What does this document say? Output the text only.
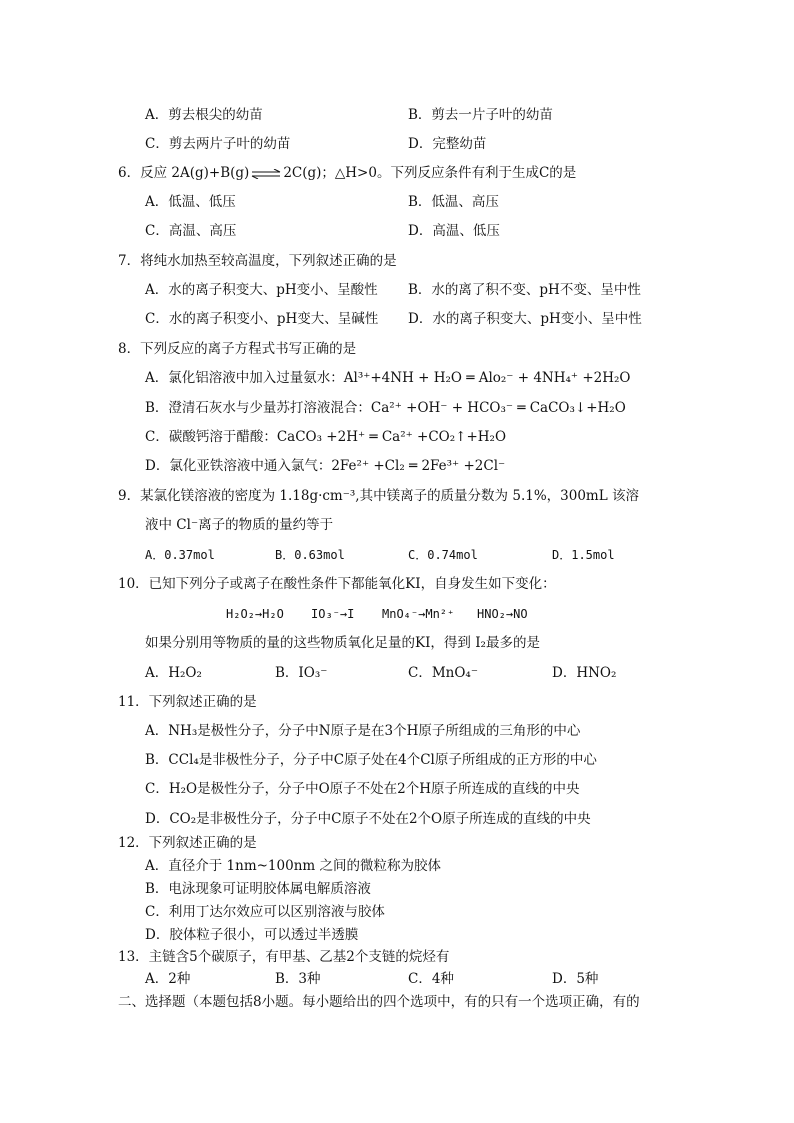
A．剪去根尖的幼苗	B．剪去一片子叶的幼苗
C．剪去两片子叶的幼苗	D．完整幼苗
6．反应 2A(g)+B(g) ⇌ 2C(g)；△H>0。下列反应条件有利于生成C的是
A．低温、低压	B．低温、高压
C．高温、高压	D．高温、低压
7．将纯水加热至较高温度，下列叙述正确的是
A．水的离子积变大、pH变小、呈酸性 B．水的离了积不变、pH不变、呈中性
C．水的离子积变小、pH变大、呈碱性 D．水的离子积变大、pH变小、呈中性
8．下列反应的离子方程式书写正确的是
A．氯化铝溶液中加入过量氨水：Al³⁺+4NH + H₂O ═ Alo₂⁻ + 4NH₄⁺ +2H₂O
B．澄清石灰水与少量苏打溶液混合：Ca²⁺ +OH⁻ + HCO₃⁻ ═ CaCO₃↓+H₂O
C．碳酸钙溶于醋酸：CaCO₃ +2H⁺ ═ Ca²⁺ +CO₂↑+H₂O
D．氯化亚铁溶液中通入氯气：2Fe²⁺ +Cl₂ ═ 2Fe³⁺ +2Cl⁻
9．某氯化镁溶液的密度为 1.18g·cm⁻³,其中镁离子的质量分数为 5.1%，300mL 该溶
液中 Cl⁻离子的物质的量约等于
A．0.37mol	B．0.63mol	C．0.74mol	D．1.5mol
10．已知下列分子或离子在酸性条件下都能氧化KI，自身发生如下变化：
H₂O₂→H₂O IO₃⁻→I MnO₄⁻→Mn²⁺ HNO₂→NO
如果分别用等物质的量的这些物质氧化足量的KI，得到 I₂最多的是
A．H₂O₂	B．IO₃⁻	C．MnO₄⁻	D．HNO₂
11．下列叙述正确的是
A．NH₃是极性分子，分子中N原子是在3个H原子所组成的三角形的中心
B．CCl₄是非极性分子，分子中C原子处在4个Cl原子所组成的正方形的中心
C．H₂O是极性分子，分子中O原子不处在2个H原子所连成的直线的中央
D．CO₂是非极性分子，分子中C原子不处在2个O原子所连成的直线的中央
12．下列叙述正确的是
A．直径介于 1nm~100nm 之间的微粒称为胶体
B．电泳现象可证明胶体属电解质溶液
C．利用丁达尔效应可以区别溶液与胶体
D．胶体粒子很小，可以透过半透膜
13．主链含5个碳原子，有甲基、乙基2个支链的烷烃有
A．2种	B．3种	C．4种	D．5种
二、选择题（本题包括8小题。每小题给出的四个选项中，有的只有一个选项正确，有的
